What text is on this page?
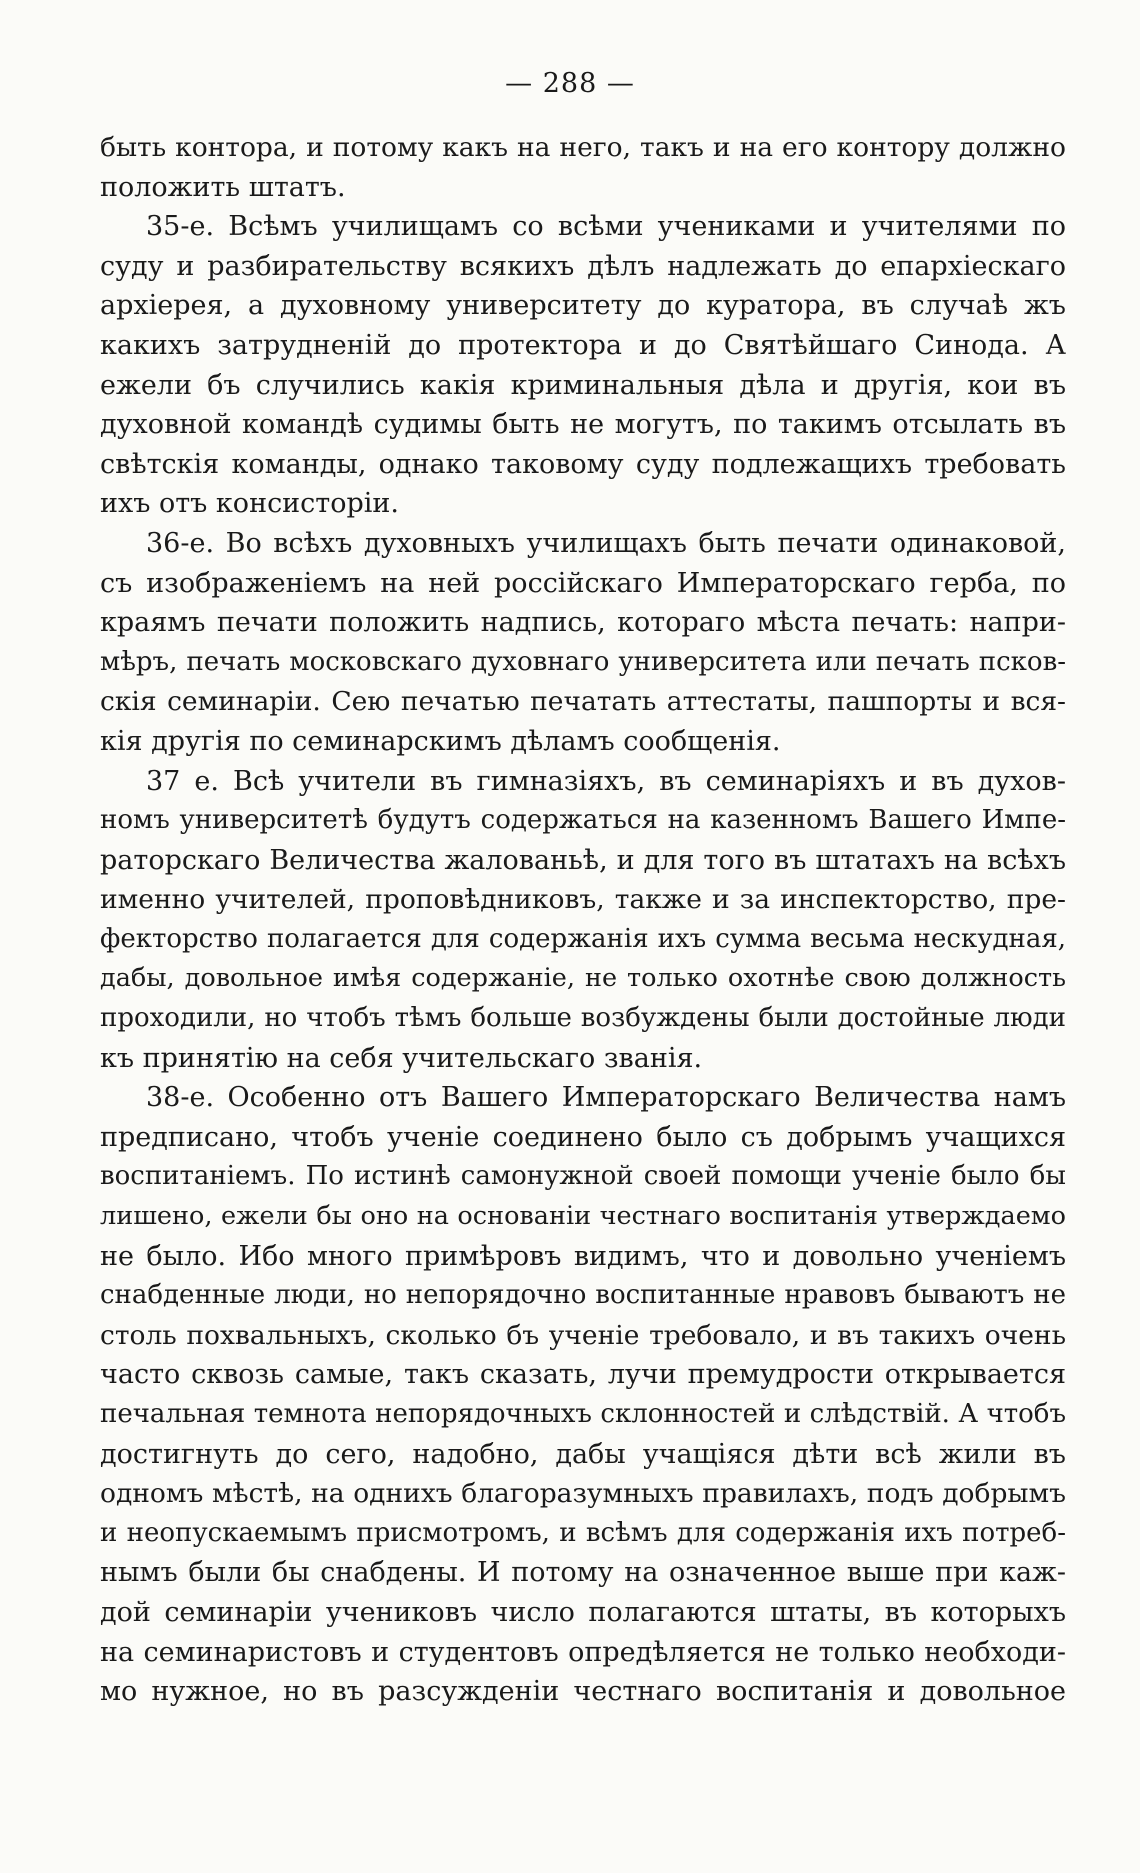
— 288 —
быть контора, и потому какъ на него, такъ и на его контору должно
положить штатъ.
35-е. Всѣмъ училищамъ со всѣми учениками и учителями по
суду и разбирательству всякихъ дѣлъ надлежать до епархіескаго
архіерея, а духовному университету до куратора, въ случаѣ жъ
какихъ затрудненій до протектора и до Святѣйшаго Синода. А
ежели бъ случились какія криминальныя дѣла и другія, кои въ
духовной командѣ судимы быть не могутъ, по такимъ отсылать въ
свѣтскія команды, однако таковому суду подлежащихъ требовать
ихъ отъ консисторіи.
36-е. Во всѣхъ духовныхъ училищахъ быть печати одинаковой,
съ изображеніемъ на ней россійскаго Императорскаго герба, по
краямъ печати положить надпись, котораго мѣста печать: напри-
мѣръ, печать московскаго духовнаго университета или печать псков-
скія семинаріи. Сею печатью печатать аттестаты, пашпорты и вся-
кія другія по семинарскимъ дѣламъ сообщенія.
37 е. Всѣ учители въ гимназіяхъ, въ семинаріяхъ и въ духов-
номъ университетѣ будутъ содержаться на казенномъ Вашего Импе-
раторскаго Величества жалованьѣ, и для того въ штатахъ на всѣхъ
именно учителей, проповѣдниковъ, также и за инспекторство, пре-
фекторство полагается для содержанія ихъ сумма весьма нескудная,
дабы, довольное имѣя содержаніе, не только охотнѣе свою должность
проходили, но чтобъ тѣмъ больше возбуждены были достойные люди
къ принятію на себя учительскаго званія.
38-е. Особенно отъ Вашего Императорскаго Величества намъ
предписано, чтобъ ученіе соединено было съ добрымъ учащихся
воспитаніемъ. По истинѣ самонужной своей помощи ученіе было бы
лишено, ежели бы оно на основаніи честнаго воспитанія утверждаемо
не было. Ибо много примѣровъ видимъ, что и довольно ученіемъ
снабденные люди, но непорядочно воспитанные нравовъ бываютъ не
столь похвальныхъ, сколько бъ ученіе требовало, и въ такихъ очень
часто сквозь самые, такъ сказать, лучи премудрости открывается
печальная темнота непорядочныхъ склонностей и слѣдствій. А чтобъ
достигнуть до сего, надобно, дабы учащіяся дѣти всѣ жили въ
одномъ мѣстѣ, на однихъ благоразумныхъ правилахъ, подъ добрымъ
и неопускаемымъ присмотромъ, и всѣмъ для содержанія ихъ потреб-
нымъ были бы снабдены. И потому на означенное выше при каж-
дой семинаріи учениковъ число полагаются штаты, въ которыхъ
на семинаристовъ и студентовъ опредѣляется не только необходи-
мо нужное, но въ разсужденіи честнаго воспитанія и довольное
